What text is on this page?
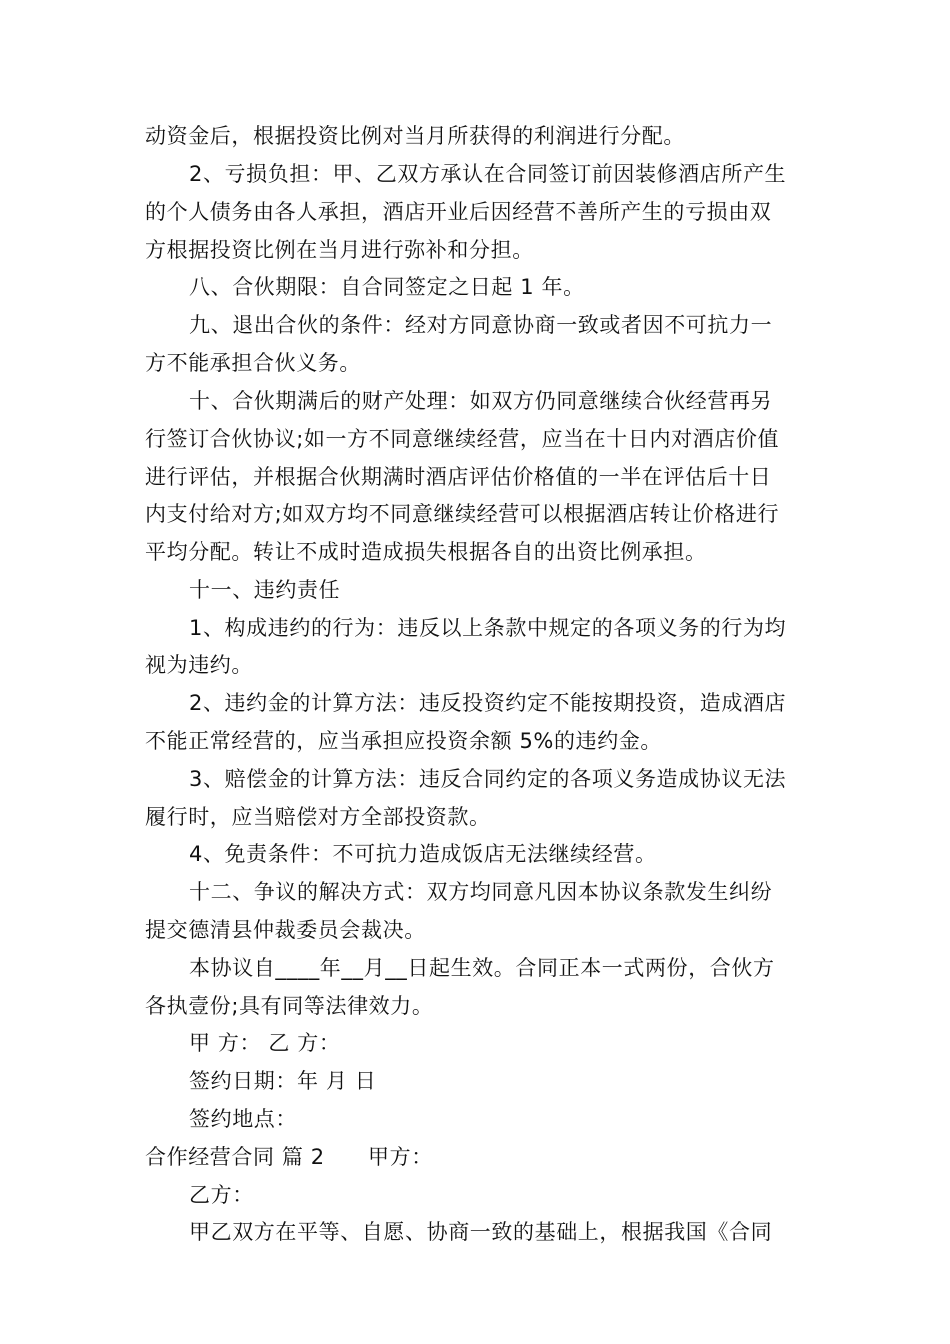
动资金后，根据投资比例对当月所获得的利润进行分配。
2、亏损负担：甲、乙双方承认在合同签订前因装修酒店所产生
的个人债务由各人承担，酒店开业后因经营不善所产生的亏损由双
方根据投资比例在当月进行弥补和分担。
八、合伙期限：自合同签定之日起 1 年。
九、退出合伙的条件：经对方同意协商一致或者因不可抗力一
方不能承担合伙义务。
十、合伙期满后的财产处理：如双方仍同意继续合伙经营再另
行签订合伙协议;如一方不同意继续经营，应当在十日内对酒店价值
进行评估，并根据合伙期满时酒店评估价格值的一半在评估后十日
内支付给对方;如双方均不同意继续经营可以根据酒店转让价格进行
平均分配。转让不成时造成损失根据各自的出资比例承担。
十一、违约责任
1、构成违约的行为：违反以上条款中规定的各项义务的行为均
视为违约。
2、违约金的计算方法：违反投资约定不能按期投资，造成酒店
不能正常经营的，应当承担应投资余额 5%的违约金。
3、赔偿金的计算方法：违反合同约定的各项义务造成协议无法
履行时，应当赔偿对方全部投资款。
4、免责条件：不可抗力造成饭店无法继续经营。
十二、争议的解决方式：双方均同意凡因本协议条款发生纠纷
提交德清县仲裁委员会裁决。
本协议自____年__月__日起生效。合同正本一式两份，合伙方
各执壹份;具有同等法律效力。
甲 方： 乙 方：
签约日期：年 月 日
签约地点：
合作经营合同 篇 2	甲方：
乙方：
甲乙双方在平等、自愿、协商一致的基础上，根据我国《合同
